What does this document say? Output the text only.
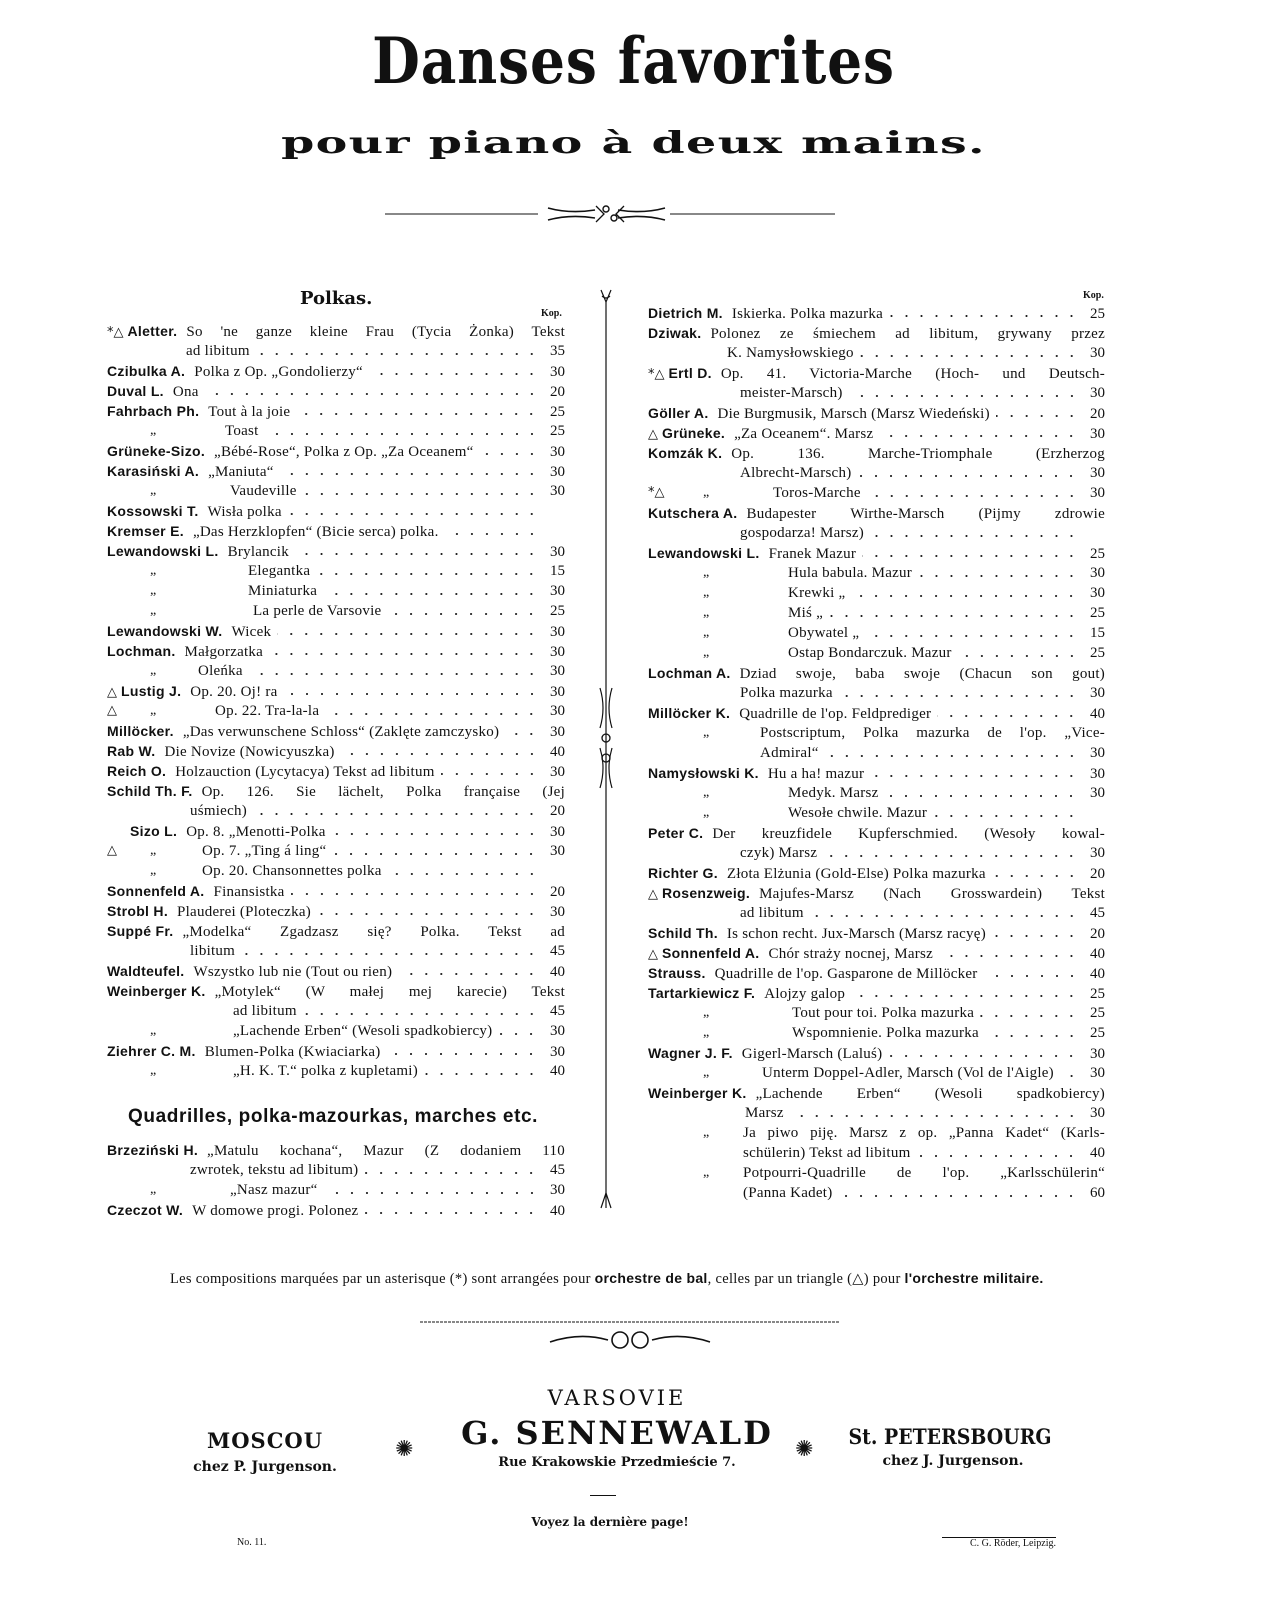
Danses favorites
pour piano à deux mains.
Polkas.
Kop.
Kop.
*△ Aletter. So 'ne ganze kleine Frau (Tycia Żonka) Tekst
ad libitum	35
Czibulka A. Polka z Op. „Gondolierzy“	30
Duval L. Ona	20
Fahrbach Ph. Tout à la joie	25
„	Toast	25
Grüneke-Sizo. „Bébé-Rose“, Polka z Op. „Za Oceanem“	30
Karasiński A. „Maniuta“	30
„	Vaudeville	30
Kossowski T. Wisła polka
Kremser E. „Das Herzklopfen“ (Bicie serca) polka.
Lewandowski L. Brylancik	30
„	Elegantka	15
„	Miniaturka	30
„	La perle de Varsovie	25
Lewandowski W. Wicek	30
Lochman. Małgorzatka	30
„	Oleńka	30
△ Lustig J. Op. 20. Oj! ra	30
△ „	Op. 22. Tra-la-la	30
Millöcker. „Das verwunschene Schloss“ (Zaklęte zamczysko)	30
Rab W. Die Novize (Nowicyuszka)	40
Reich O. Holzauction (Lycytacya) Tekst ad libitum	30
Schild Th. F. Op. 126. Sie lächelt, Polka française (Jej
uśmiech)	20
Sizo L. Op. 8. „Menotti-Polka	30
△ „	Op. 7. „Ting á ling“	30
„	Op. 20. Chansonnettes polka
Sonnenfeld A. Finansistka	20
Strobl H. Plauderei (Ploteczka)	30
Suppé Fr. „Modelka“ Zgadzasz się? Polka. Tekst ad
libitum	45
Waldteufel. Wszystko lub nie (Tout ou rien)	40
Weinberger K. „Motylek“ (W małej mej karecie) Tekst
ad libitum	45
„	„Lachende Erben“ (Wesoli spadkobiercy)	30
Ziehrer C. M. Blumen-Polka (Kwiaciarka)	30
„	„H. K. T.“ polka z kupletami)	40
Quadrilles, polka-mazourkas, marches etc.
Brzeziński H. „Matulu kochana“, Mazur (Z dodaniem 110
zwrotek, tekstu ad libitum)	45
„	„Nasz mazur“	30
Czeczot W. W domowe progi. Polonez	40
Dietrich M. Iskierka. Polka mazurka	25
Dziwak. Polonez ze śmiechem ad libitum, grywany przez
K. Namysłowskiego	30
*△ Ertl D. Op. 41. Victoria-Marche (Hoch- und Deutsch-
meister-Marsch)	30
Göller A. Die Burgmusik, Marsch (Marsz Wiedeński)	20
△ Grüneke. „Za Oceanem“. Marsz	30
Komzák K. Op. 136. Marche-Triomphale (Erzherzog
Albrecht-Marsch)	30
*△	„	Toros-Marche	30
Kutschera A. Budapester Wirthe-Marsch (Pijmy zdrowie
gospodarza! Marsz)
Lewandowski L. Franek Mazur	25
„	Hula babula. Mazur	30
„	Krewki „	30
„	Miś „	25
„	Obywatel „	15
„	Ostap Bondarczuk. Mazur	25
Lochman A. Dziad swoje, baba swoje (Chacun son gout)
Polka mazurka	30
Millöcker K. Quadrille de l'op. Feldprediger	40
„	Postscriptum, Polka mazurka de l'op. „Vice-
Admiral“	30
Namysłowski K. Hu a ha! mazur	30
„	Medyk. Marsz	30
„	Wesołe chwile. Mazur
Peter C. Der kreuzfidele Kupferschmied. (Wesoły kowal-
czyk) Marsz	30
Richter G. Złota Elżunia (Gold-Else) Polka mazurka	20
△ Rosenzweig. Majufes-Marsz (Nach Grosswardein) Tekst
ad libitum	45
Schild Th. Is schon recht. Jux-Marsch (Marsz racyę)	20
△ Sonnenfeld A. Chór straży nocnej, Marsz	40
Strauss. Quadrille de l'op. Gasparone de Millöcker	40
Tartarkiewicz F. Alojzy galop	25
„	Tout pour toi. Polka mazurka	25
„	Wspomnienie. Polka mazurka	25
Wagner J. F. Gigerl-Marsch (Laluś)	30
„	Unterm Doppel-Adler, Marsch (Vol de l'Aigle)	30
Weinberger K. „Lachende Erben“ (Wesoli spadkobiercy)
Marsz	30
„ Ja piwo piję. Marsz z op. „Panna Kadet“ (Karls-
schülerin) Tekst ad libitum	40
„ Potpourri-Quadrille de l'op. „Karlsschülerin“
(Panna Kadet)	60
Les compositions marquées par un asterisque (*) sont arrangées pour orchestre de bal, celles par un triangle (△) pour l'orchestre militaire.
VARSOVIE
G. SENNEWALD
Rue Krakowskie Przedmieście 7.
MOSCOU
chez P. Jurgenson.
St. PETERSBOURG
chez J. Jurgenson.
✺	✺
Voyez la dernière page!
No. 11.	C. G. Röder, Leipzig.
